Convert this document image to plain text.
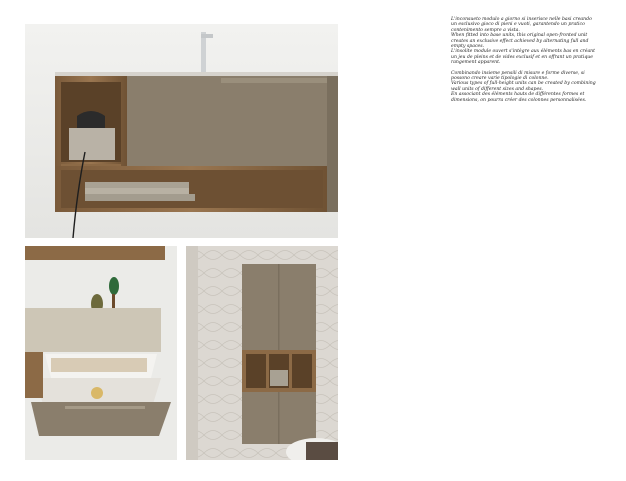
L'inconsueto modulo a giorno si inserisce nelle basi creando

un esclusivo gioco di pieni e vuoti, garantendo un pratico

contenimento sempre a vista.

When fitted into base units, this original open-fronted unit

creates an exclusive effect achieved by alternating full and

empty spaces.

L'insolite module ouvert s'intègre aux éléments bas en créant

un jeu de pleins et de vides exclusif et en offrant un pratique

rangement apparent.

Combinando insieme pensili di misure e forme diverse, si

possono creare varie tipologie di colonne.

Various types of full-height units can be created by combining

wall units of different sizes and shapes.

En associant des éléments hauts de différentes formes et

dimensions, on pourra créer des colonnes personnalisées.
